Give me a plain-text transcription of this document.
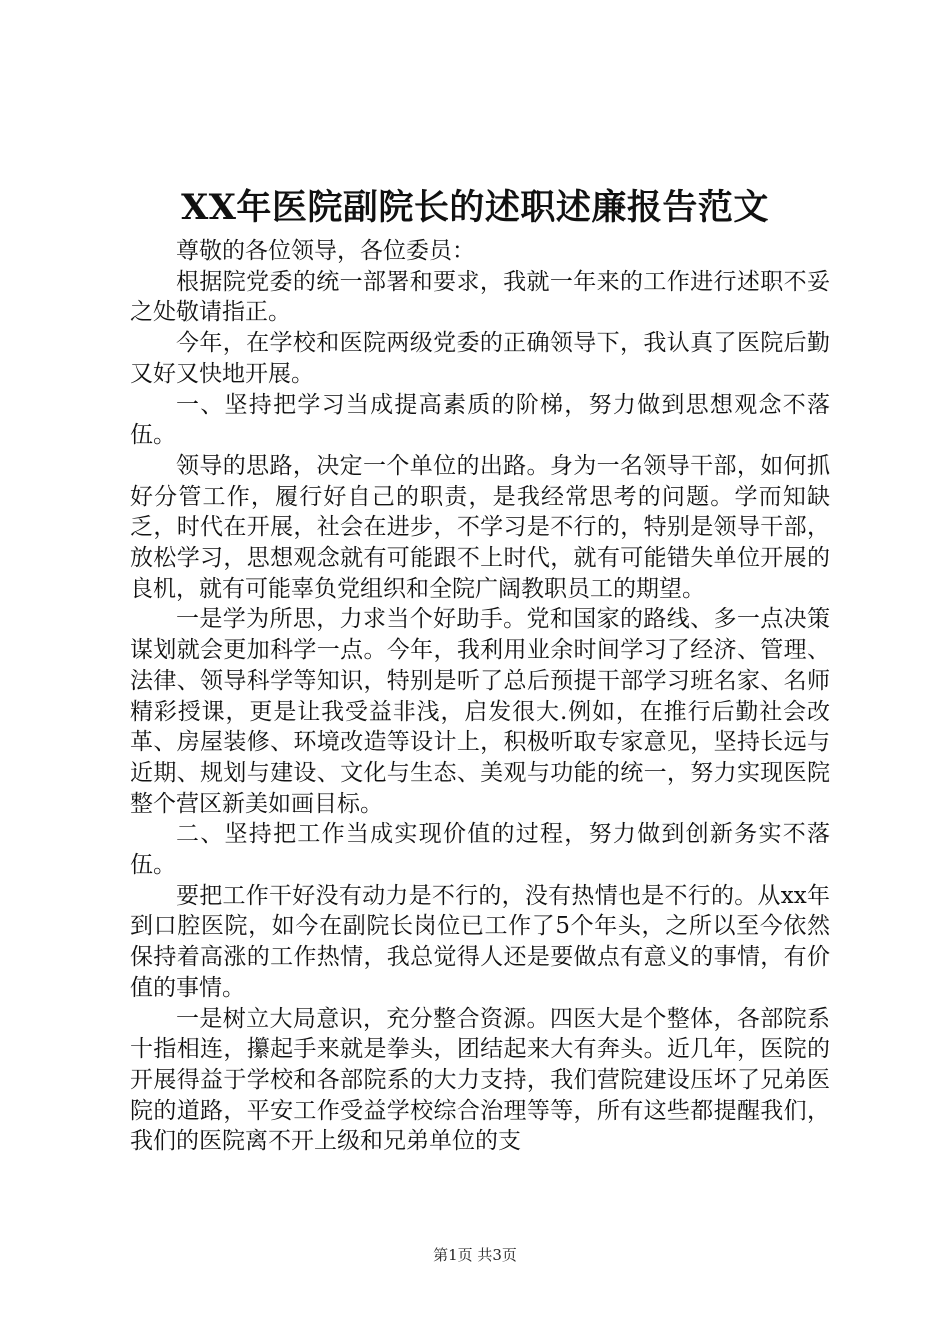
XX年医院副院长的述职述廉报告范文

尊敬的各位领导，各位委员：

根据院党委的统一部署和要求，我就一年来的工作进行述职不妥之处敬请指正。

今年，在学校和医院两级党委的正确领导下，我认真了医院后勤又好又快地开展。

一、坚持把学习当成提高素质的阶梯，努力做到思想观念不落伍。

领导的思路，决定一个单位的出路。身为一名领导干部，如何抓好分管工作，履行好自己的职责，是我经常思考的问题。学而知缺乏，时代在开展，社会在进步，不学习是不行的，特别是领导干部，放松学习，思想观念就有可能跟不上时代，就有可能错失单位开展的良机，就有可能辜负党组织和全院广阔教职员工的期望。

一是学为所思，力求当个好助手。党和国家的路线、多一点决策谋划就会更加科学一点。今年，我利用业余时间学习了经济、管理、法律、领导科学等知识，特别是听了总后预提干部学习班名家、名师精彩授课，更是让我受益非浅，启发很大.例如，在推行后勤社会改革、房屋装修、环境改造等设计上，积极听取专家意见，坚持长远与近期、规划与建设、文化与生态、美观与功能的统一，努力实现医院整个营区新美如画目标。

二、坚持把工作当成实现价值的过程，努力做到创新务实不落伍。

要把工作干好没有动力是不行的，没有热情也是不行的。从xx年到口腔医院，如今在副院长岗位已工作了5个年头，之所以至今依然保持着高涨的工作热情，我总觉得人还是要做点有意义的事情，有价值的事情。

一是树立大局意识，充分整合资源。四医大是个整体，各部院系十指相连，攥起手来就是拳头，团结起来大有奔头。近几年，医院的开展得益于学校和各部院系的大力支持，我们营院建设压坏了兄弟医院的道路，平安工作受益学校综合治理等等，所有这些都提醒我们，我们的医院离不开上级和兄弟单位的支

第1页 共3页
